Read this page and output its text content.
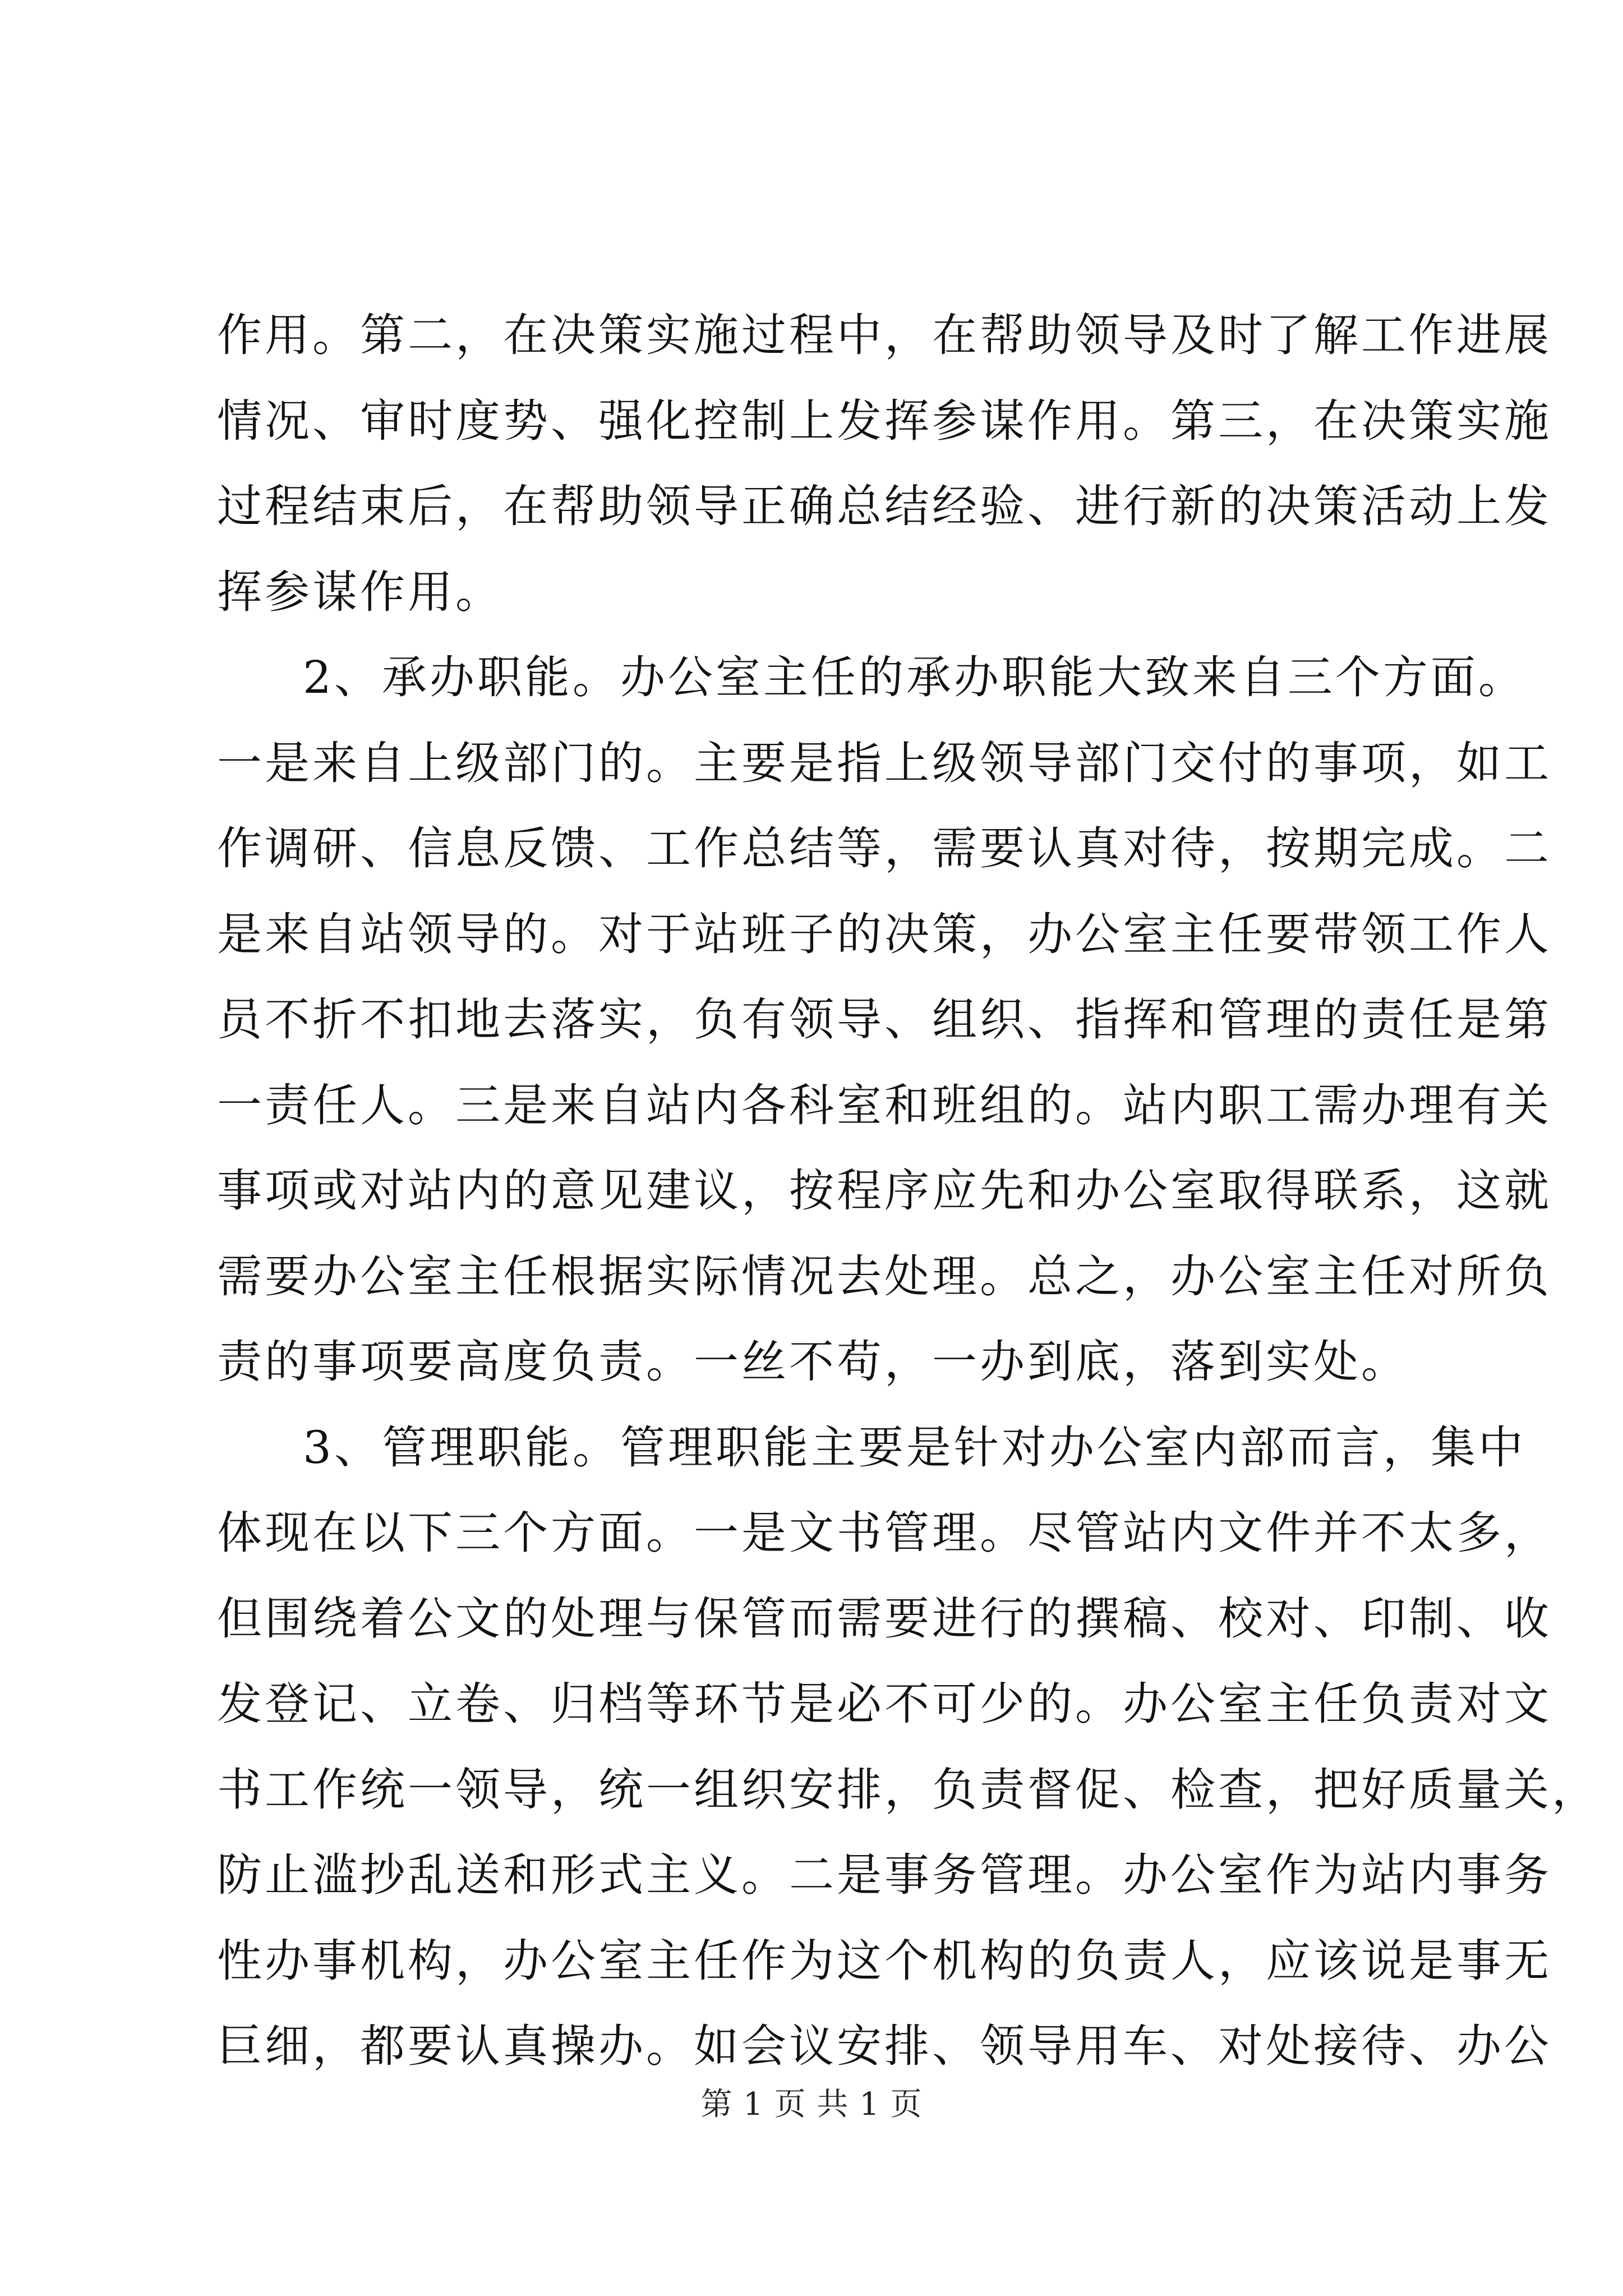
作用。第二，在决策实施过程中，在帮助领导及时了解工作进展
情况、审时度势、强化控制上发挥参谋作用。第三，在决策实施
过程结束后，在帮助领导正确总结经验、进行新的决策活动上发
挥参谋作用。
2、承办职能。办公室主任的承办职能大致来自三个方面。
一是来自上级部门的。主要是指上级领导部门交付的事项，如工
作调研、信息反馈、工作总结等，需要认真对待，按期完成。二
是来自站领导的。对于站班子的决策，办公室主任要带领工作人
员不折不扣地去落实，负有领导、组织、指挥和管理的责任是第
一责任人。三是来自站内各科室和班组的。站内职工需办理有关
事项或对站内的意见建议，按程序应先和办公室取得联系，这就
需要办公室主任根据实际情况去处理。总之，办公室主任对所负
责的事项要高度负责。一丝不苟，一办到底，落到实处。
3、管理职能。管理职能主要是针对办公室内部而言，集中
体现在以下三个方面。一是文书管理。尽管站内文件并不太多，
但围绕着公文的处理与保管而需要进行的撰稿、校对、印制、收
发登记、立卷、归档等环节是必不可少的。办公室主任负责对文
书工作统一领导，统一组织安排，负责督促、检查，把好质量关，
防止滥抄乱送和形式主义。二是事务管理。办公室作为站内事务
性办事机构，办公室主任作为这个机构的负责人，应该说是事无
巨细，都要认真操办。如会议安排、领导用车、对处接待、办公
第 1 页 共 1 页
